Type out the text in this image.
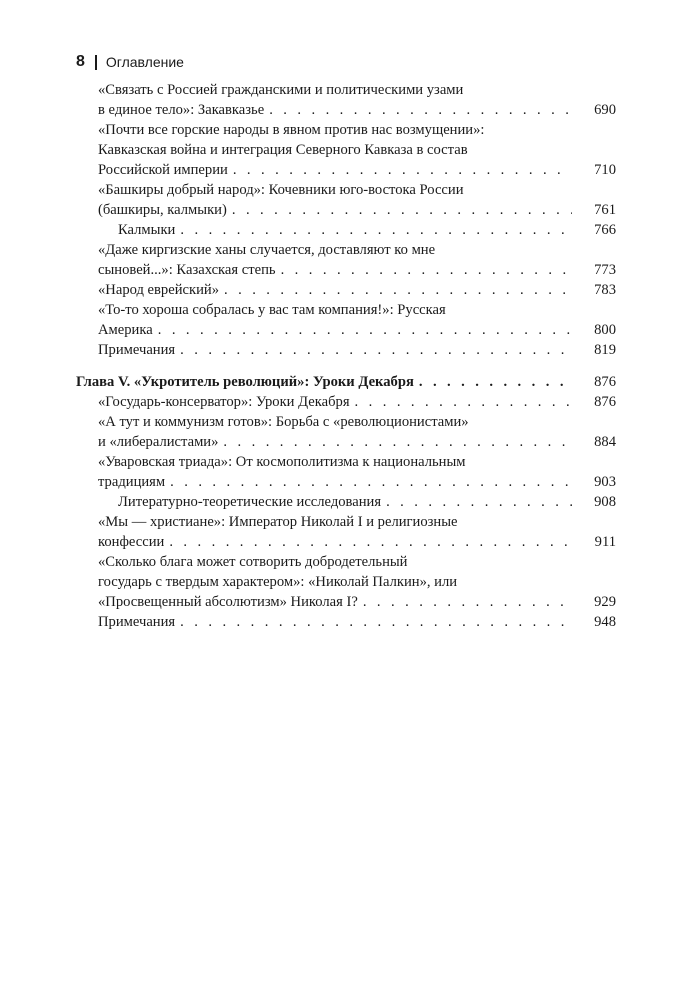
8 Оглавление
«Связать с Россией гражданскими и политическими узами
в единое тело»: Закавказье . . .	690
«Почти все горские народы в явном против нас возмущении»:
Кавказская война и интеграция Северного Кавказа в состав
Российской империи . . .	710
«Башкиры добрый народ»: Кочевники юго-востока России
(башкиры, калмыки) . . .	761
Калмыки . . .	766
«Даже киргизские ханы случается, доставляют ко мне
сыновей...»: Казахская степь . . .	773
«Народ еврейский» . . .	783
«То-то хороша собралась у вас там компания!»: Русская
Америка . . .	800
Примечания . . .	819
Глава V. «Укротитель революций»: Уроки Декабря . . .	876
«Государь-консерватор»: Уроки Декабря . . .	876
«А тут и коммунизм готов»: Борьба с «революционистами»
и «либералистами» . . .	884
«Уваровская триада»: От космополитизма к национальным
традициям . . .	903
Литературно-теоретические исследования . . .	908
«Мы — христиане»: Император Николай I и религиозные
конфессии . . .	911
«Сколько блага может сотворить добродетельный
государь с твердым характером»: «Николай Палкин», или
«Просвещенный абсолютизм» Николая I? . . .	929
Примечания . . .	948
